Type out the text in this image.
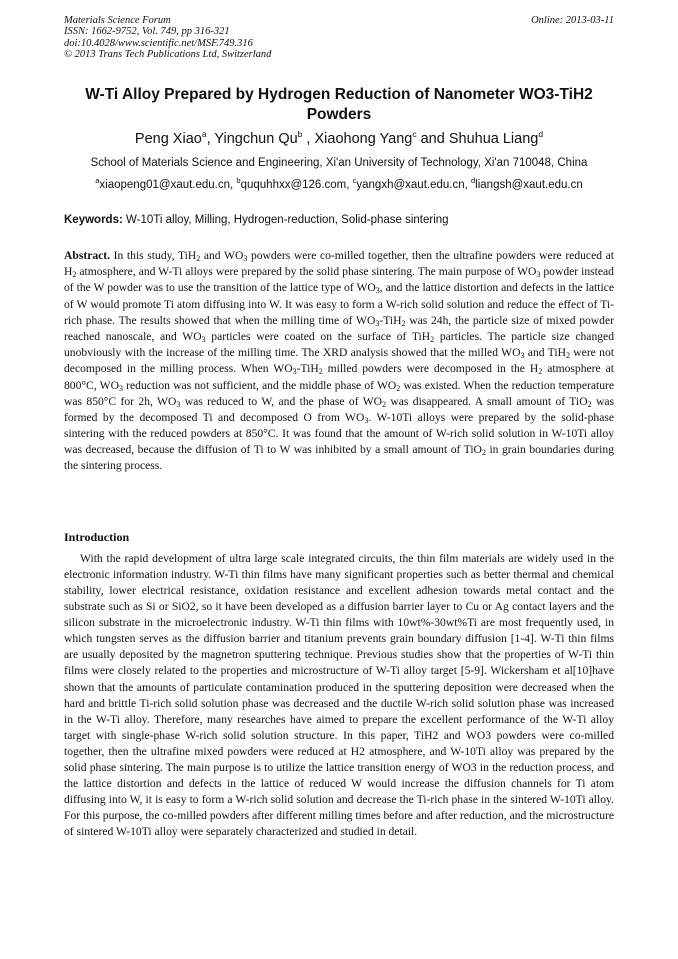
Materials Science Forum
ISSN: 1662-9752, Vol. 749, pp 316-321
doi:10.4028/www.scientific.net/MSF.749.316
© 2013 Trans Tech Publications Ltd, Switzerland
Online: 2013-03-11
W-Ti Alloy Prepared by Hydrogen Reduction of Nanometer WO3-TiH2 Powders
Peng Xiao$^a$, Yingchun Qu$^b$ , Xiaohong Yang$^c$ and Shuhua Liang$^d$
School of Materials Science and Engineering, Xi'an University of Technology, Xi'an 710048, China
$^a$xiaopeng01@xaut.edu.cn, $^b$ququhhxx@126.com, $^c$yangxh@xaut.edu.cn, $^d$liangsh@xaut.edu.cn
Keywords: W-10Ti alloy, Milling, Hydrogen-reduction, Solid-phase sintering

Abstract. In this study, TiH$_2$ and $WO_3$ powders were co-milled together, then the ultrafine powders were reduced at $H_2$ atmosphere, and W-Ti alloys were prepared by the solid phase sintering. The main purpose of $WO_3$ powder instead of the W powder was to use the transition of the lattice type of $WO_3$, and the lattice distortion and defects in the lattice of W would promote Ti atom diffusing into W. It was easy to form a W-rich solid solution and reduce the effect of Ti-rich phase. The results showed that when the milling time of $WO_3-TiH_2$ was 24h, the particle size of mixed powder reached nanoscale, and $WO_3$ particles were coated on the surface of TiH$_2$ particles. The particle size changed unobviously with the increase of the milling time. The XRD analysis showed that the milled $WO_3$ and TiH$_2$ were not decomposed in the milling process. When $WO_3-TiH_2$ milled powders were decomposed in the $H_2$ atmosphere at 800°C, $WO_3$ reduction was not sufficient, and the middle phase of $WO_2$ was existed. When the reduction temperature was 850°C for 2h, $WO_3$ was reduced to W, and the phase of $WO_2$ was disappeared. A small amount of TiO$_2$ was formed by the decomposed Ti and decomposed O from $WO_3$. W-10Ti alloys were prepared by the solid-phase sintering with the reduced powders at 850°C. It was found that the amount of W-rich solid solution in W-10Ti alloy was decreased, because the diffusion of Ti to W was inhibited by a small amount of TiO$_2$ in grain boundaries during the sintering process.

Introduction

With the rapid development of ultra large scale integrated circuits, the thin film materials are widely used in the electronic information industry. W-Ti thin films have many significant properties such as better thermal and chemical stability, lower electrical resistance, oxidation resistance and excellent adhesion towards metal contact and the substrate such as Si or SiO2, so it have been developed as a diffusion barrier layer to Cu or Ag contact layers and the silicon substrate in the microelectronic industry. W-Ti thin films with 10wt%-30wt%Ti are most frequently used, in which tungsten serves as the diffusion barrier and titanium prevents grain boundary diffusion [1-4]. W-Ti thin films are usually deposited by the magnetron sputtering technique. Previous studies show that the properties of W-Ti thin films were closely related to the properties and microstructure of W-Ti alloy target [5-9]. Wickersham et al[10]have shown that the amounts of particulate contamination produced in the sputtering deposition were decreased when the hard and brittle Ti-rich solid solution phase was decreased and the ductile W-rich solid solution phase was increased in the W-Ti alloy. Therefore, many researches have aimed to prepare the excellent performance of the W-Ti alloy target with single-phase W-rich solid solution structure. In this paper, TiH2 and WO3 powders were co-milled together, then the ultrafine mixed powders were reduced at H2 atmosphere, and W-10Ti alloy was prepared by the solid phase sintering. The main purpose is to utilize the lattice transition energy of WO3 in the reduction process, and the lattice distortion and defects in the lattice of reduced W would increase the diffusion channels for Ti atom diffusing into W, it is easy to form a W-rich solid solution and decrease the Ti-rich phase in the sintered W-10Ti alloy. For this purpose, the co-milled powders after different milling times before and after reduction, and the microstructure of sintered W-10Ti alloy were separately characterized and studied in detail.
